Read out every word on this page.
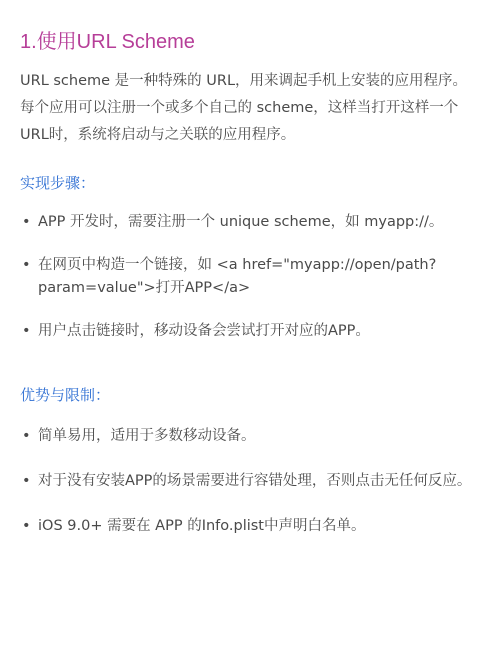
1.使用URL Scheme

URL scheme 是一种特殊的 URL，用来调起手机上安装的应用程序。每个应用可以注册一个或多个自己的 scheme，这样当打开这样一个URL时，系统将启动与之关联的应用程序。

实现步骤：
• APP 开发时，需要注册一个 unique scheme，如 myapp://。
• 在网页中构造一个链接，如 <a href="myapp://open/path?param=value">打开APP</a>
• 用户点击链接时，移动设备会尝试打开对应的APP。
优势与限制：
• 简单易用，适用于多数移动设备。
• 对于没有安装APP的场景需要进行容错处理，否则点击无任何反应。
• iOS 9.0+ 需要在 APP 的Info.plist中声明白名单。
